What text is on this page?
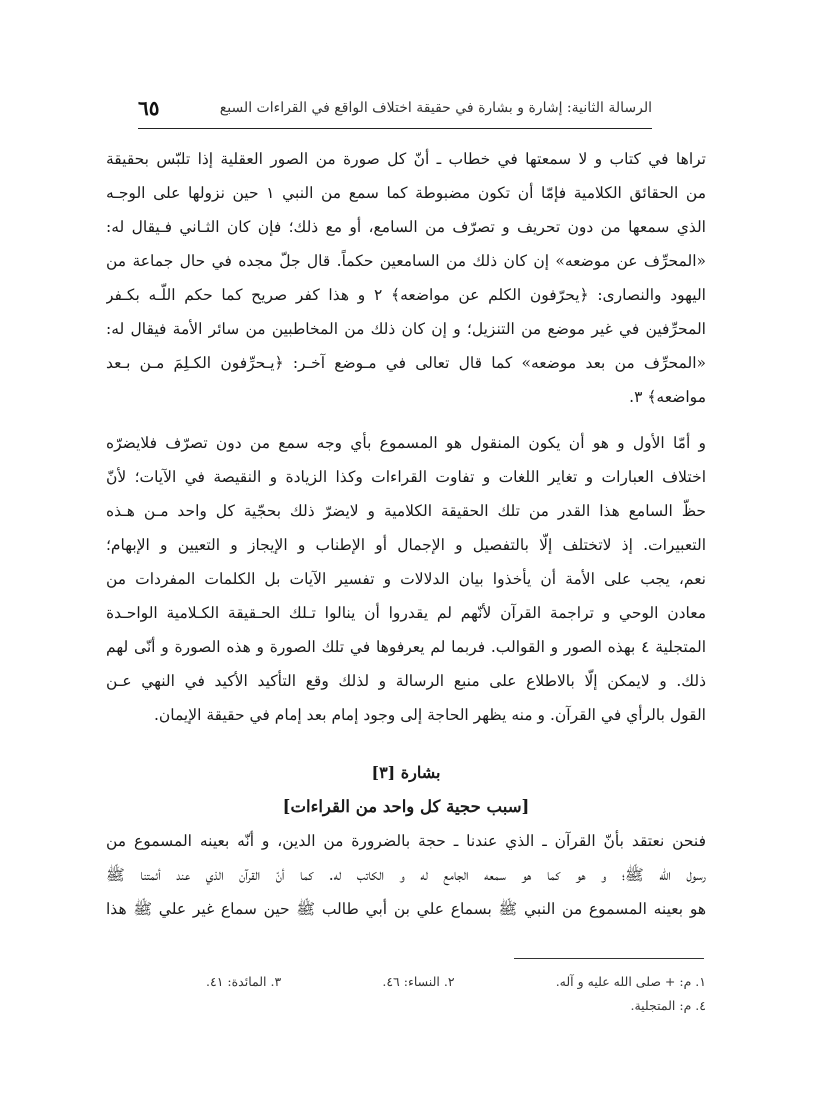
الرسالة الثانية: إشارة و بشارة في حقيقة اختلاف الواقع في القراءات السبع
٦٥
تراها في كتاب و لا سمعتها في خطاب ـ أنّ كل صورة من الصور العقلية إذا تلبّس بحقيقة
من الحقائق الكلامية فإمّا أن تكون مضبوطة كما سمع من النبي ١ حين نزولها على الوجـه
الذي سمعها من دون تحريف و تصرّف من السامع، أو مع ذلك؛ فإن كان الثـاني فـيقال له:
«المحرِّف عن موضعه» إن كان ذلك من السامعين حكماً. قال جلّ مجده في حال جماعة من
اليهود والنصارى: ﴿يحرّفون الكلم عن مواضعه﴾ ٢ و هذا كفر صريح كما حكم اللّـه بكـفر
المحرِّفين في غير موضع من التنزيل؛ و إن كان ذلك من المخاطبين من سائر الأمة فيقال له:
«المحرِّف من بعد موضعه» كما قال تعالى في مـوضع آخـر: ﴿يـحرِّفون الكـلِمَ مـن بـعد
مواضعه﴾ ٣.
و أمّا الأول و هو أن يكون المنقول هو المسموع بأي وجه سمع من دون تصرّف فلايضرّه
اختلاف العبارات و تغاير اللغات و تفاوت القراءات وكذا الزيادة و النقيصة في الآيات؛ لأنّ
حظّ السامع هذا القدر من تلك الحقيقة الكلامية و لايضرّ ذلك بحجّية كل واحد مـن هـذه
التعبيرات. إذ لاتختلف إلّا بالتفصيل و الإجمال أو الإطناب و الإيجاز و التعيين و الإبهام؛
نعم، يجب على الأمة أن يأخذوا بيان الدلالات و تفسير الآيات بل الكلمات المفردات من
معادن الوحي و تراجمة القرآن لأنّهم لم يقدروا أن ينالوا تـلك الحـقيقة الكـلامية الواحـدة
المتجلية ٤ بهذه الصور و القوالب. فربما لم يعرفوها في تلك الصورة و هذه الصورة و أنّى لهم
ذلك. و لايمكن إلّا بالاطلاع على منبع الرسالة و لذلك وقع التأكيد الأكيد في النهي عـن
القول بالرأي في القرآن. و منه يظهر الحاجة إلى وجود إمام بعد إمام في حقيقة الإيمان.
بشارة [٣]
[سبب حجية كل واحد من القراءات]
فنحن نعتقد بأنّ القرآن ـ الذي عندنا ـ حجة بالضرورة من الدين، و أنّه بعينه المسموع من
رسول اللّه ﷺ؛ و هو كما هو سمعه الجامع له و الكاتب له. كما أنّ القرآن الذي عند أئمتنا ﷺ
هو بعينه المسموع من النبي ﷺ بسماع علي بن أبي طالب ﷺ حين سماع غير علي ﷺ هذا
١. م: + صلى الله عليه و آله.
٢. النساء: ٤٦.
٣. المائدة: ٤١.
٤. م: المتجلية.
